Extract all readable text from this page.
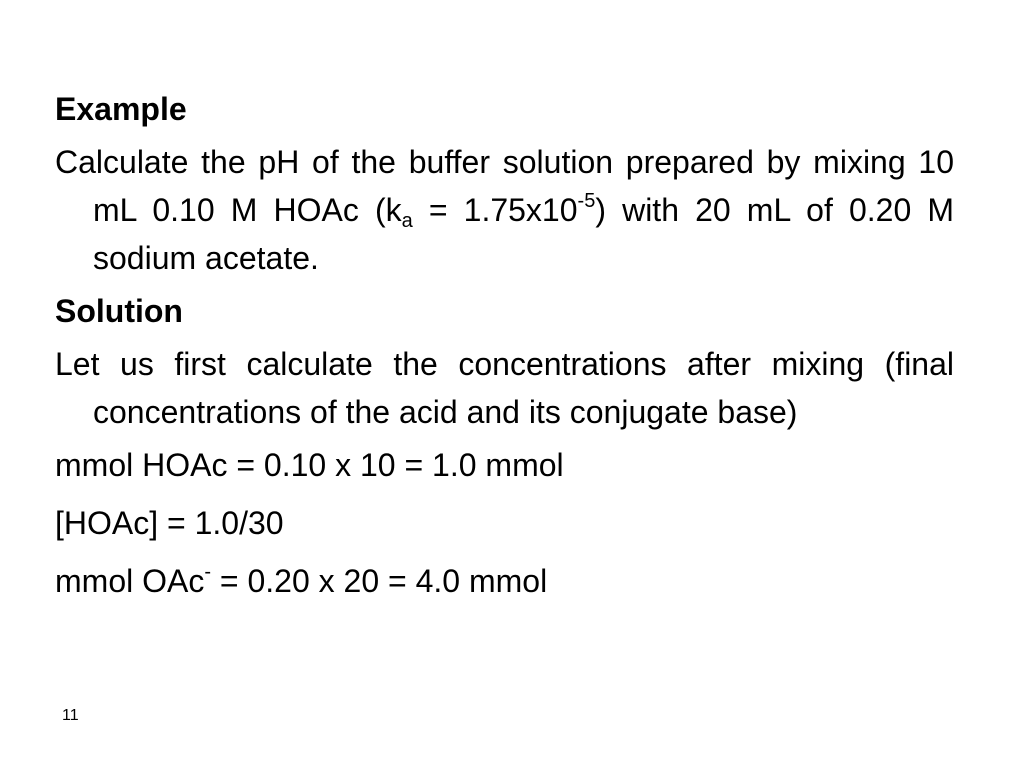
Example
Calculate the pH of the buffer solution prepared by mixing 10 mL 0.10 M HOAc $(k_a = 1.75x10^{-5})$ with 20 mL of 0.20 M sodium acetate.
Solution
Let us first calculate the concentrations after mixing (final concentrations of the acid and its conjugate base)
mmol HOAc = 0.10 x 10 = 1.0 mmol
[HOAc] = 1.0/30
mmol OAc- = 0.20 x 20 = 4.0 mmol
11
